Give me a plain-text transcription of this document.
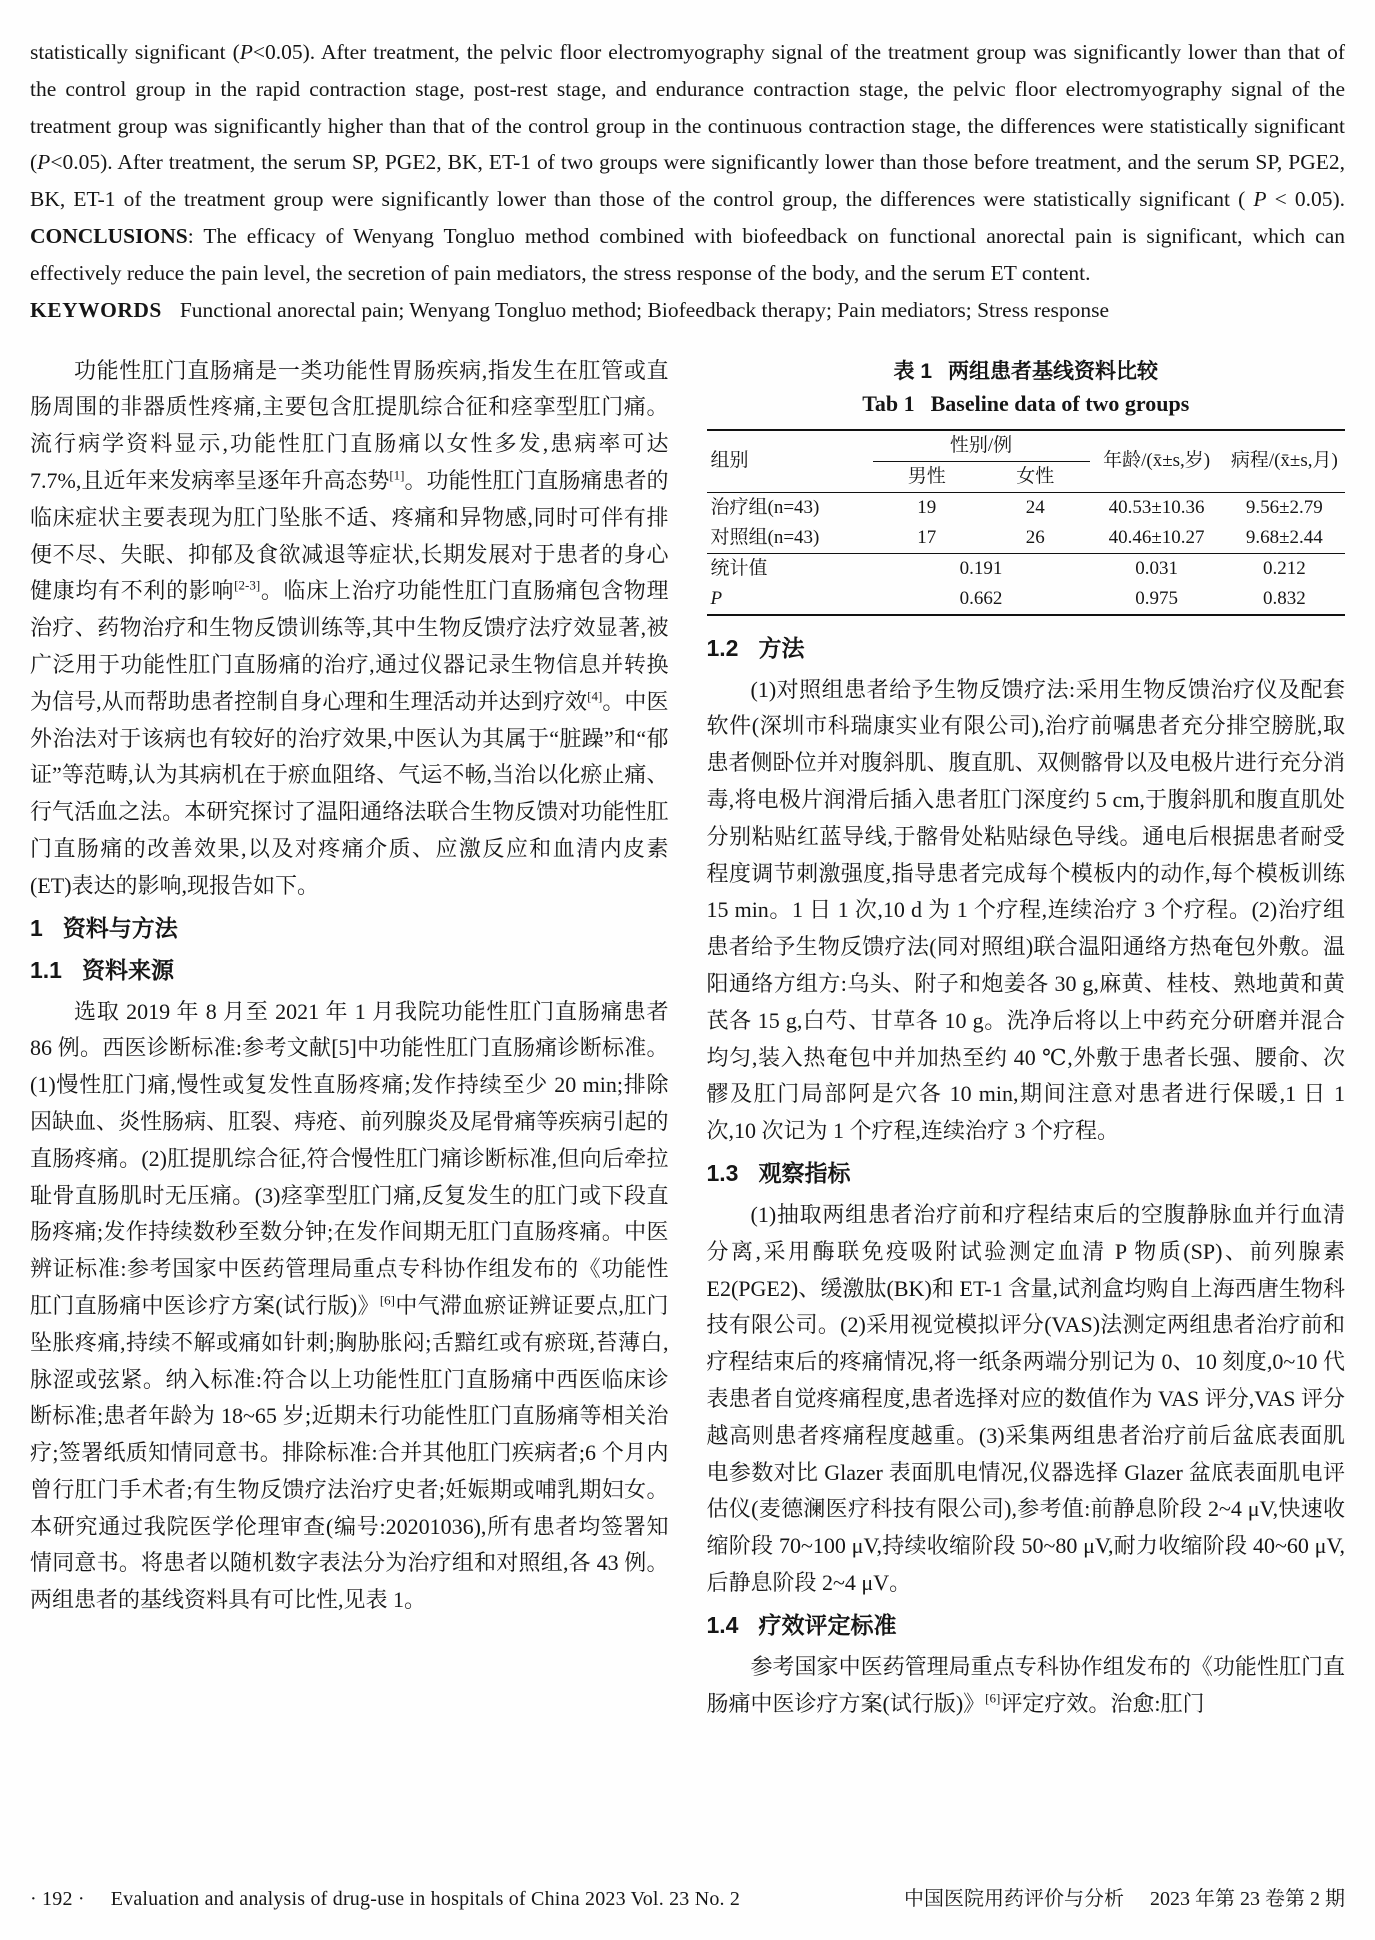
statistically significant (P<0.05). After treatment, the pelvic floor electromyography signal of the treatment group was significantly lower than that of the control group in the rapid contraction stage, post-rest stage, and endurance contraction stage, the pelvic floor electromyography signal of the treatment group was significantly higher than that of the control group in the continuous contraction stage, the differences were statistically significant (P<0.05). After treatment, the serum SP, PGE2, BK, ET-1 of two groups were significantly lower than those before treatment, and the serum SP, PGE2, BK, ET-1 of the treatment group were significantly lower than those of the control group, the differences were statistically significant ( P < 0.05). CONCLUSIONS: The efficacy of Wenyang Tongluo method combined with biofeedback on functional anorectal pain is significant, which can effectively reduce the pain level, the secretion of pain mediators, the stress response of the body, and the serum ET content.

KEYWORDS Functional anorectal pain; Wenyang Tongluo method; Biofeedback therapy; Pain mediators; Stress response

功能性肛门直肠痛是一类功能性胃肠疾病,指发生在肛管或直肠周围的非器质性疼痛,主要包含肛提肌综合征和痉挛型肛门痛。流行病学资料显示,功能性肛门直肠痛以女性多发,患病率可达 7.7%,且近年来发病率呈逐年升高态势[1]。功能性肛门直肠痛患者的临床症状主要表现为肛门坠胀不适、疼痛和异物感,同时可伴有排便不尽、失眠、抑郁及食欲减退等症状,长期发展对于患者的身心健康均有不利的影响[2-3]。临床上治疗功能性肛门直肠痛包含物理治疗、药物治疗和生物反馈训练等,其中生物反馈疗法疗效显著,被广泛用于功能性肛门直肠痛的治疗,通过仪器记录生物信息并转换为信号,从而帮助患者控制自身心理和生理活动并达到疗效[4]。中医外治法对于该病也有较好的治疗效果,中医认为其属于“脏躁”和“郁证”等范畴,认为其病机在于瘀血阻络、气运不畅,当治以化瘀止痛、行气活血之法。本研究探讨了温阳通络法联合生物反馈对功能性肛门直肠痛的改善效果,以及对疼痛介质、应激反应和血清内皮素(ET)表达的影响,现报告如下。

1 资料与方法
1.1 资料来源

选取 2019 年 8 月至 2021 年 1 月我院功能性肛门直肠痛患者 86 例。西医诊断标准:参考文献[5]中功能性肛门直肠痛诊断标准。(1)慢性肛门痛,慢性或复发性直肠疼痛;发作持续至少 20 min;排除因缺血、炎性肠病、肛裂、痔疮、前列腺炎及尾骨痛等疾病引起的直肠疼痛。(2)肛提肌综合征,符合慢性肛门痛诊断标准,但向后牵拉耻骨直肠肌时无压痛。(3)痉挛型肛门痛,反复发生的肛门或下段直肠疼痛;发作持续数秒至数分钟;在发作间期无肛门直肠疼痛。中医辨证标准:参考国家中医药管理局重点专科协作组发布的《功能性肛门直肠痛中医诊疗方案(试行版)》[6]中气滞血瘀证辨证要点,肛门坠胀疼痛,持续不解或痛如针刺;胸胁胀闷;舌黯红或有瘀斑,苔薄白,脉涩或弦紧。纳入标准:符合以上功能性肛门直肠痛中西医临床诊断标准;患者年龄为 18~65 岁;近期未行功能性肛门直肠痛等相关治疗;签署纸质知情同意书。排除标准:合并其他肛门疾病者;6 个月内曾行肛门手术者;有生物反馈疗法治疗史者;妊娠期或哺乳期妇女。本研究通过我院医学伦理审查(编号:20201036),所有患者均签署知情同意书。将患者以随机数字表法分为治疗组和对照组,各 43 例。两组患者的基线资料具有可比性,见表 1。

表 1 两组患者基线资料比较
Tab 1 Baseline data of two groups
组别	性别/例		年龄/(x̄±s,岁)	病程/(x̄±s,月)
	男性	女性		
治疗组(n=43)	19	24	40.53±10.36	9.56±2.79
对照组(n=43)	17	26	40.46±10.27	9.68±2.44
统计值	0.191		0.031	0.212
P	0.662		0.975	0.832
1.2 方法

(1)对照组患者给予生物反馈疗法:采用生物反馈治疗仪及配套软件(深圳市科瑞康实业有限公司),治疗前嘱患者充分排空膀胱,取患者侧卧位并对腹斜肌、腹直肌、双侧髂骨以及电极片进行充分消毒,将电极片润滑后插入患者肛门深度约 5 cm,于腹斜肌和腹直肌处分别粘贴红蓝导线,于髂骨处粘贴绿色导线。通电后根据患者耐受程度调节刺激强度,指导患者完成每个模板内的动作,每个模板训练 15 min。1 日 1 次,10 d 为 1 个疗程,连续治疗 3 个疗程。(2)治疗组患者给予生物反馈疗法(同对照组)联合温阳通络方热奄包外敷。温阳通络方组方:乌头、附子和炮姜各 30 g,麻黄、桂枝、熟地黄和黄芪各 15 g,白芍、甘草各 10 g。洗净后将以上中药充分研磨并混合均匀,装入热奄包中并加热至约 40 ℃,外敷于患者长强、腰俞、次髎及肛门局部阿是穴各 10 min,期间注意对患者进行保暖,1 日 1 次,10 次记为 1 个疗程,连续治疗 3 个疗程。

1.3 观察指标

(1)抽取两组患者治疗前和疗程结束后的空腹静脉血并行血清分离,采用酶联免疫吸附试验测定血清 P 物质(SP)、前列腺素 E2(PGE2)、缓激肽(BK)和 ET-1 含量,试剂盒均购自上海西唐生物科技有限公司。(2)采用视觉模拟评分(VAS)法测定两组患者治疗前和疗程结束后的疼痛情况,将一纸条两端分别记为 0、10 刻度,0~10 代表患者自觉疼痛程度,患者选择对应的数值作为 VAS 评分,VAS 评分越高则患者疼痛程度越重。(3)采集两组患者治疗前后盆底表面肌电参数对比 Glazer 表面肌电情况,仪器选择 Glazer 盆底表面肌电评估仪(麦德澜医疗科技有限公司),参考值:前静息阶段 2~4 μV,快速收缩阶段 70~100 μV,持续收缩阶段 50~80 μV,耐力收缩阶段 40~60 μV,后静息阶段 2~4 μV。

1.4 疗效评定标准

参考国家中医药管理局重点专科协作组发布的《功能性肛门直肠痛中医诊疗方案(试行版)》[6]评定疗效。治愈:肛门

· 192 · Evaluation and analysis of drug-use in hospitals of China 2023 Vol. 23 No. 2	中国医院用药评价与分析 2023 年第 23 卷第 2 期
